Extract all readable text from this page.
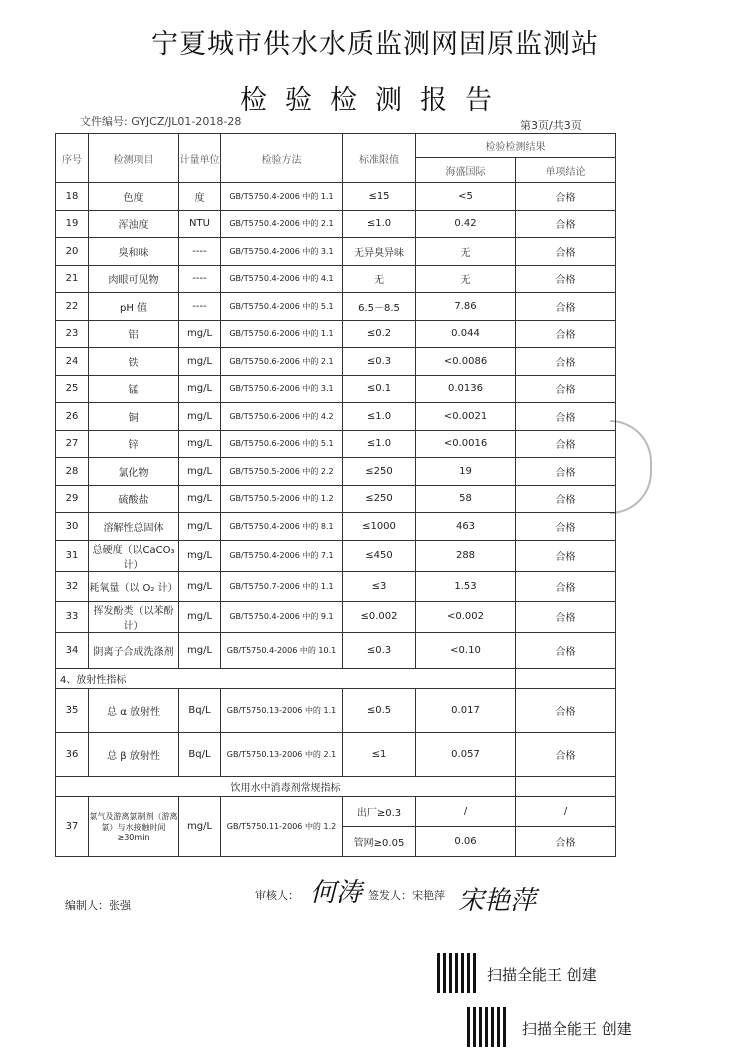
宁夏城市供水水质监测网固原监测站
检验检测报告
文件编号: GYJCZ/JL01-2018-28	第3页/共3页
序号	检测项目	计量单位	检验方法	标准限值	检验检测结果	
					海盛国际	单项结论
18	色度	度	GB/T5750.4-2006 中的 1.1	≤15	<5	合格
19	浑浊度	NTU	GB/T5750.4-2006 中的 2.1	≤1.0	0.42	合格
20	臭和味	----	GB/T5750.4-2006 中的 3.1	无异臭异味	无	合格
21	肉眼可见物	----	GB/T5750.4-2006 中的 4.1	无	无	合格
22	pH 值	----	GB/T5750.4-2006 中的 5.1	6.5－8.5	7.86	合格
23	铝	mg/L	GB/T5750.6-2006 中的 1.1	≤0.2	0.044	合格
24	铁	mg/L	GB/T5750.6-2006 中的 2.1	≤0.3	<0.0086	合格
25	锰	mg/L	GB/T5750.6-2006 中的 3.1	≤0.1	0.0136	合格
26	铜	mg/L	GB/T5750.6-2006 中的 4.2	≤1.0	<0.0021	合格
27	锌	mg/L	GB/T5750.6-2006 中的 5.1	≤1.0	<0.0016	合格
28	氯化物	mg/L	GB/T5750.5-2006 中的 2.2	≤250	19	合格
29	硫酸盐	mg/L	GB/T5750.5-2006 中的 1.2	≤250	58	合格
30	溶解性总固体	mg/L	GB/T5750.4-2006 中的 8.1	≤1000	463	合格
31	总硬度（以CaCO₃计）	mg/L	GB/T5750.4-2006 中的 7.1	≤450	288	合格
32	耗氧量（以 O₂ 计）	mg/L	GB/T5750.7-2006 中的 1.1	≤3	1.53	合格
33	挥发酚类（以苯酚计）	mg/L	GB/T5750.4-2006 中的 9.1	≤0.002	<0.002	合格
34	阴离子合成洗涤剂	mg/L	GB/T5750.4-2006 中的 10.1	≤0.3	<0.10	合格
4、放射性指标						
35	总 α 放射性	Bq/L	GB/T5750.13-2006 中的 1.1	≤0.5	0.017	合格
36	总 β 放射性	Bq/L	GB/T5750.13-2006 中的 2.1	≤1	0.057	合格
饮用水中消毒剂常规指标						
37	氯气及游离氯制剂（游离氯）与水接触时间≥30min	mg/L	GB/T5750.11-2006 中的 1.2	出厂≥0.3	/	/
				管网≥0.05	0.06	合格
编制人：张强
审核人： 何涛 签发人：宋艳萍 宋艳萍
扫描全能王 创建
扫描全能王 创建
